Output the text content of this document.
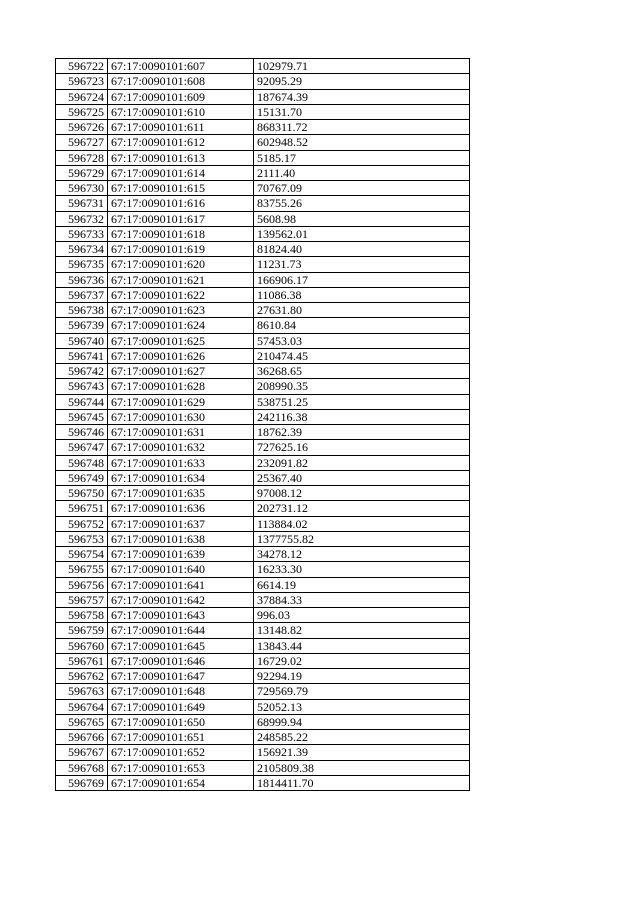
596722	67:17:0090101:607	102979.71
596723	67:17:0090101:608	92095.29
596724	67:17:0090101:609	187674.39
596725	67:17:0090101:610	15131.70
596726	67:17:0090101:611	868311.72
596727	67:17:0090101:612	602948.52
596728	67:17:0090101:613	5185.17
596729	67:17:0090101:614	2111.40
596730	67:17:0090101:615	70767.09
596731	67:17:0090101:616	83755.26
596732	67:17:0090101:617	5608.98
596733	67:17:0090101:618	139562.01
596734	67:17:0090101:619	81824.40
596735	67:17:0090101:620	11231.73
596736	67:17:0090101:621	166906.17
596737	67:17:0090101:622	11086.38
596738	67:17:0090101:623	27631.80
596739	67:17:0090101:624	8610.84
596740	67:17:0090101:625	57453.03
596741	67:17:0090101:626	210474.45
596742	67:17:0090101:627	36268.65
596743	67:17:0090101:628	208990.35
596744	67:17:0090101:629	538751.25
596745	67:17:0090101:630	242116.38
596746	67:17:0090101:631	18762.39
596747	67:17:0090101:632	727625.16
596748	67:17:0090101:633	232091.82
596749	67:17:0090101:634	25367.40
596750	67:17:0090101:635	97008.12
596751	67:17:0090101:636	202731.12
596752	67:17:0090101:637	113884.02
596753	67:17:0090101:638	1377755.82
596754	67:17:0090101:639	34278.12
596755	67:17:0090101:640	16233.30
596756	67:17:0090101:641	6614.19
596757	67:17:0090101:642	37884.33
596758	67:17:0090101:643	996.03
596759	67:17:0090101:644	13148.82
596760	67:17:0090101:645	13843.44
596761	67:17:0090101:646	16729.02
596762	67:17:0090101:647	92294.19
596763	67:17:0090101:648	729569.79
596764	67:17:0090101:649	52052.13
596765	67:17:0090101:650	68999.94
596766	67:17:0090101:651	248585.22
596767	67:17:0090101:652	156921.39
596768	67:17:0090101:653	2105809.38
596769	67:17:0090101:654	1814411.70
